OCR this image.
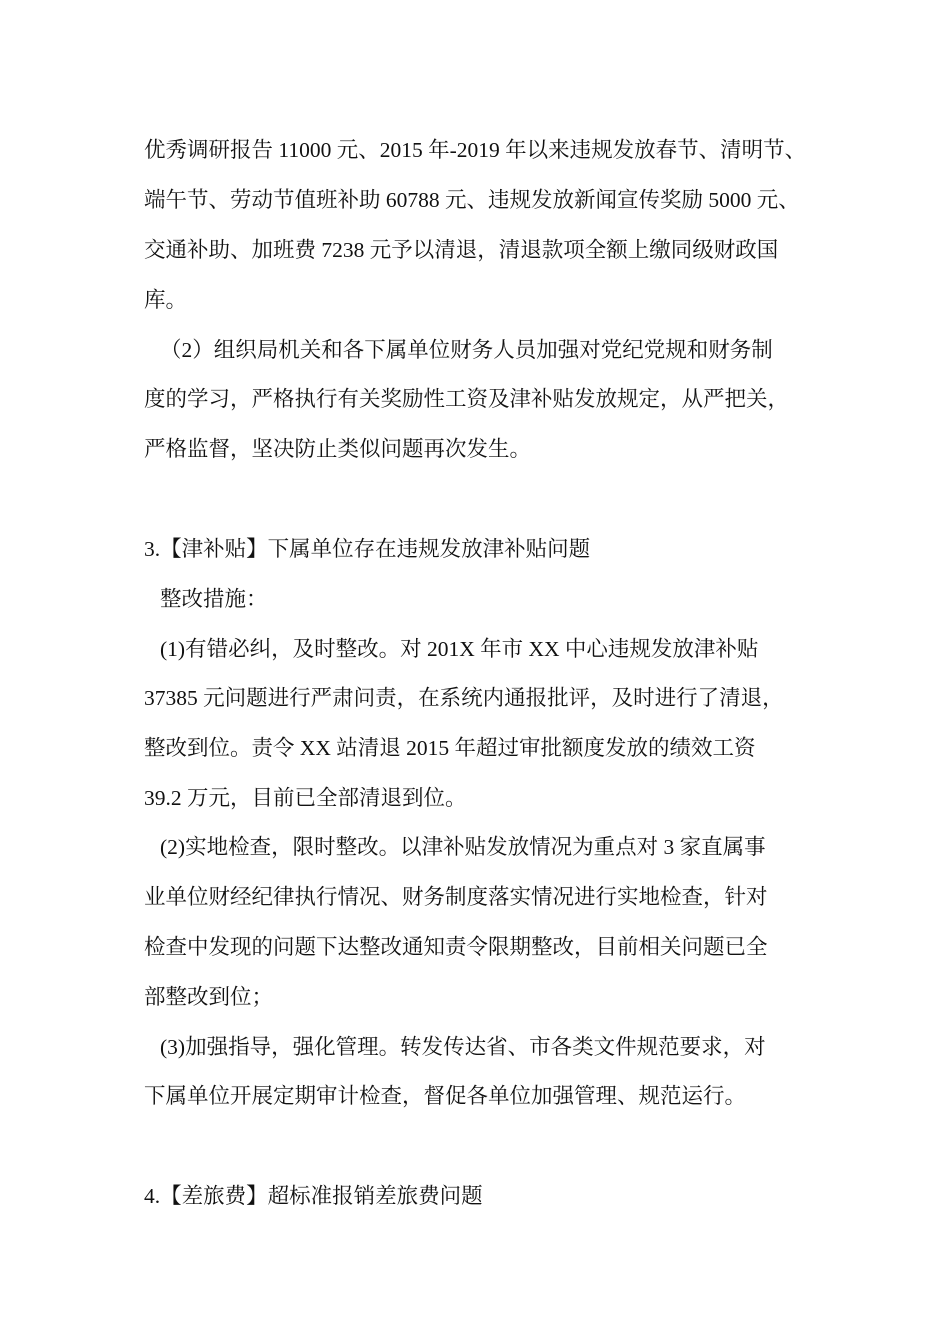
优秀调研报告 11000 元、2015 年-2019 年以来违规发放春节、清明节、
端午节、劳动节值班补助 60788 元、违规发放新闻宣传奖励 5000 元、
交通补助、加班费 7238 元予以清退，清退款项全额上缴同级财政国
库。
（2）组织局机关和各下属单位财务人员加强对党纪党规和财务制
度的学习，严格执行有关奖励性工资及津补贴发放规定，从严把关，
严格监督，坚决防止类似问题再次发生。
3.【津补贴】下属单位存在违规发放津补贴问题
整改措施：
(1)有错必纠，及时整改。对 201X 年市 XX 中心违规发放津补贴
37385 元问题进行严肃问责，在系统内通报批评，及时进行了清退，
整改到位。责令 XX 站清退 2015 年超过审批额度发放的绩效工资
39.2 万元，目前已全部清退到位。
(2)实地检查，限时整改。以津补贴发放情况为重点对 3 家直属事
业单位财经纪律执行情况、财务制度落实情况进行实地检查，针对
检查中发现的问题下达整改通知责令限期整改，目前相关问题已全
部整改到位；
(3)加强指导，强化管理。转发传达省、市各类文件规范要求，对
下属单位开展定期审计检查，督促各单位加强管理、规范运行。
4.【差旅费】超标准报销差旅费问题
